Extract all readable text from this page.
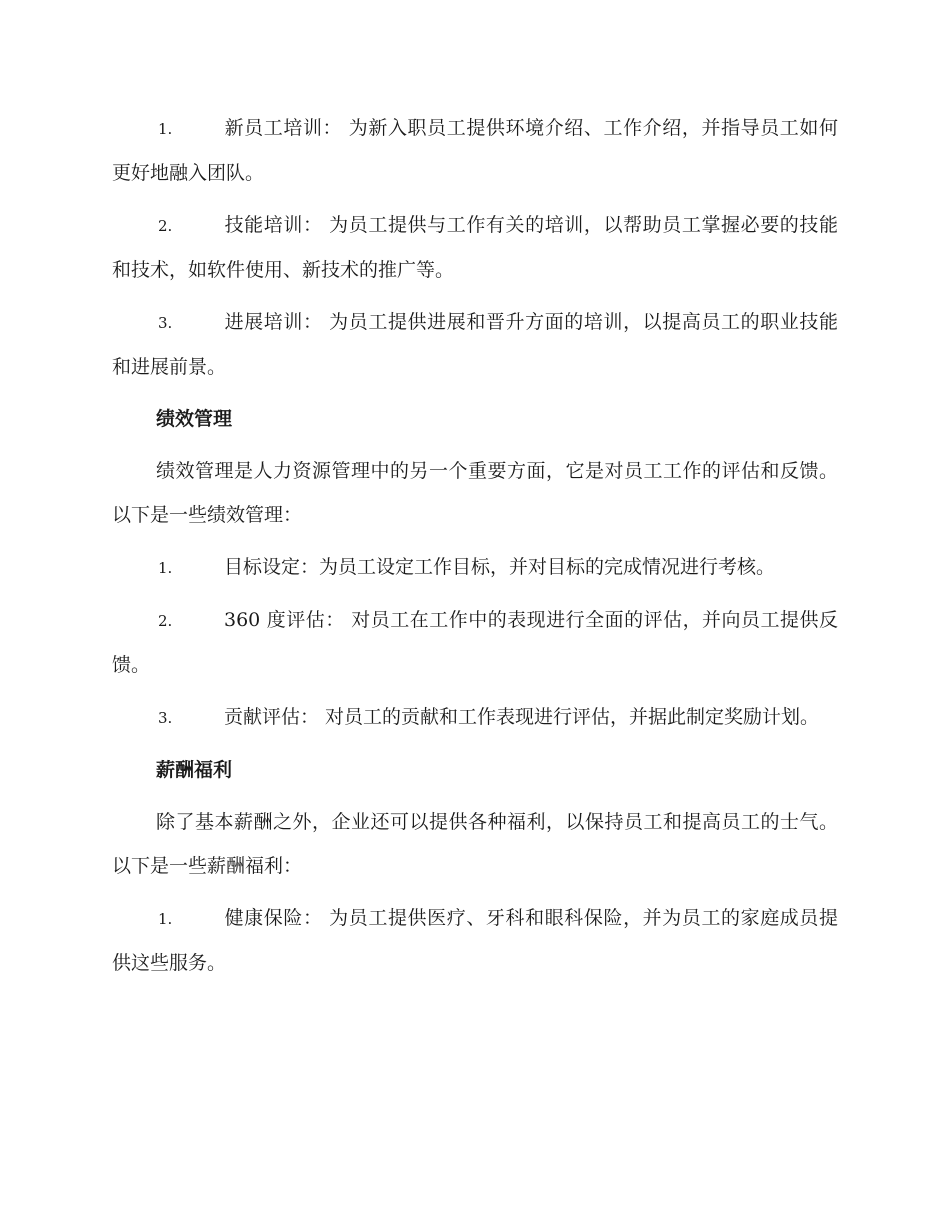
1.	新员工培训： 为新入职员工提供环境介绍、工作介绍，并指导员工如何更好地融入团队。
2.	技能培训： 为员工提供与工作有关的培训，以帮助员工掌握必要的技能和技术，如软件使用、新技术的推广等。
3.	进展培训： 为员工提供进展和晋升方面的培训，以提高员工的职业技能和进展前景。
绩效管理
绩效管理是人力资源管理中的另一个重要方面，它是对员工工作的评估和反馈。以下是一些绩效管理：
1.	目标设定：为员工设定工作目标，并对目标的完成情况进行考核。
2.	360 度评估： 对员工在工作中的表现进行全面的评估，并向员工提供反馈。
3.	贡献评估： 对员工的贡献和工作表现进行评估，并据此制定奖励计划。
薪酬福利
除了基本薪酬之外，企业还可以提供各种福利，以保持员工和提高员工的士气。以下是一些薪酬福利：
1.	健康保险： 为员工提供医疗、牙科和眼科保险，并为员工的家庭成员提供这些服务。
